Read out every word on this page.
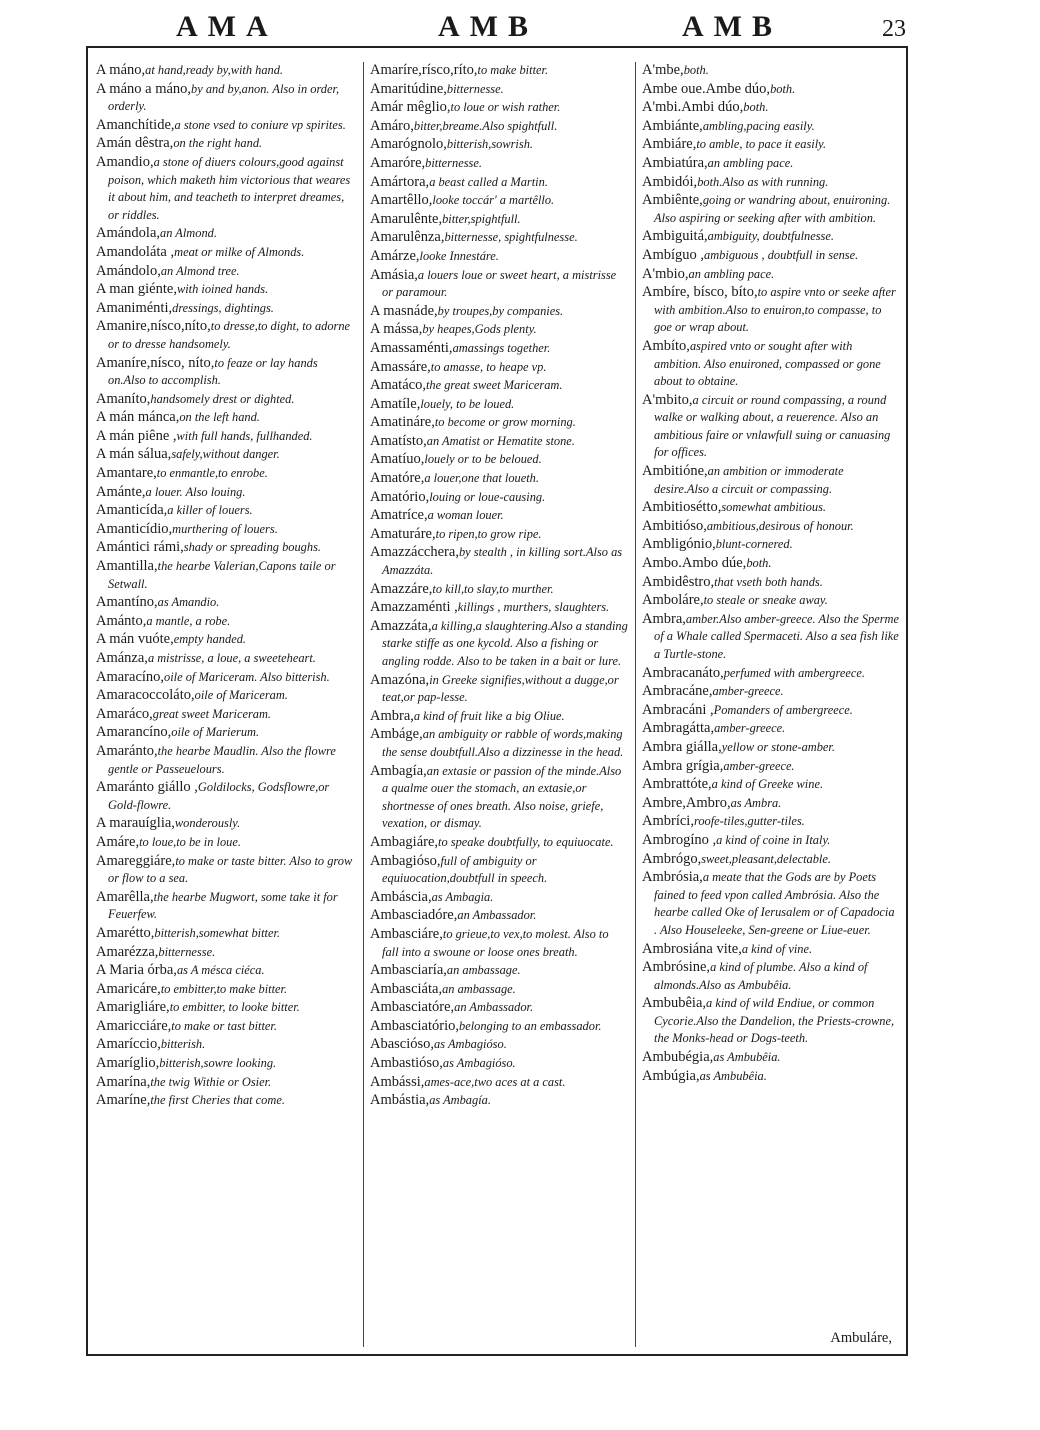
AMA	AMB	AMB	23
A máno,at hand,ready by,with hand.
A máno a máno,by and by,anon. Also in order, orderly.
Amanchítide,a stone vsed to coniure vp spirites.
Amán dêstra,on the right hand.
Amandio,a stone of diuers colours,good against poison, which maketh him victorious that weares it about him, and teacheth to interpret dreames, or riddles.
Amándola,an Almond.
Amandoláta ,meat or milke of Almonds.
Amándolo,an Almond tree.
A man giénte,with ioined hands.
Amaniménti,dressings, dightings.
Amanire,nísco,níto,to dresse,to dight, to adorne or to dresse handsomely.
Amaníre,nísco, níto,to feaze or lay hands on.Also to accomplish.
Amaníto,handsomely drest or dighted.
A mán mánca,on the left hand.
A mán piêne ,with full hands, fullhanded.
A mán sálua,safely,without danger.
Amantare,to enmantle,to enrobe.
Amánte,a louer. Also louing.
Amanticída,a killer of louers.
Amanticídio,murthering of louers.
Amántici rámi,shady or spreading boughs.
Amantilla,the hearbe Valerian,Capons taile or Setwall.
Amantíno,as Amandio.
Amánto,a mantle, a robe.
A mán vuóte,empty handed.
Amánza,a mistrisse, a loue, a sweeteheart.
Amaracíno,oile of Mariceram. Also bitterish.
Amaracoccoláto,oile of Mariceram.
Amaráco,great sweet Mariceram.
Amarancíno,oile of Marierum.
Amaránto,the hearbe Maudlin. Also the flowre gentle or Passeuelours.
Amaránto giállo ,Goldilocks, Godsflowre,or Gold-flowre.
A marauíglia,wonderously.
Amáre,to loue,to be in loue.
Amareggiáre,to make or taste bitter. Also to grow or flow to a sea.
Amarêlla,the hearbe Mugwort, some take it for Feuerfew.
Amarétto,bitterish,somewhat bitter.
Amarézza,bitternesse.
A Maria órba,as A mésca ciéca.
Amaricáre,to embitter,to make bitter.
Amarigliáre,to embitter, to looke bitter.
Amaricciáre,to make or tast bitter.
Amaríccio,bitterish.
Amaríglio,bitterish,sowre looking.
Amarína,the twig Withie or Osier.
Amaríne,the first Cheries that come.
Amaríre,rísco,ríto,to make bitter.
Amaritúdine,bitternesse.
Amár mêglio,to loue or wish rather.
Amáro,bitter,breame.Also spightfull.
Amarógnolo,bitterish,sowrish.
Amaróre,bitternesse.
Amártora,a beast called a Martin.
Amartêllo,looke toccár' a martêllo.
Amarulênte,bitter,spightfull.
Amarulênza,bitternesse, spightfulnesse.
Amárze,looke Innestáre.
Amásia,a louers loue or sweet heart, a mistrisse or paramour.
A masnáde,by troupes,by companies.
A mássa,by heapes,Gods plenty.
Amassaménti,amassings together.
Amassáre,to amasse, to heape vp.
Amatáco,the great sweet Mariceram.
Amatíle,louely, to be loued.
Amatináre,to become or grow morning.
Amatísto,an Amatist or Hematite stone.
Amatíuo,louely or to be beloued.
Amatóre,a louer,one that loueth.
Amatório,louing or loue-causing.
Amatríce,a woman louer.
Amaturáre,to ripen,to grow ripe.
Amazzácchera,by stealth , in killing sort.Also as Amazzáta.
Amazzáre,to kill,to slay,to murther.
Amazzaménti ,killings , murthers, slaughters.
Amazzáta,a killing,a slaughtering.Also a standing starke stiffe as one kycold. Also a fishing or angling rodde. Also to be taken in a bait or lure.
Amazóna,in Greeke signifies,without a dugge,or teat,or pap-lesse.
Ambra,a kind of fruit like a big Oliue.
Ambáge,an ambiguity or rabble of words,making the sense doubtfull.Also a dizzinesse in the head.
Ambagía,an extasie or passion of the minde.Also a qualme ouer the stomach, an extasie,or shortnesse of ones breath. Also noise, griefe, vexation, or dismay.
Ambagiáre,to speake doubtfully, to equiuocate.
Ambagióso,full of ambiguity or equiuocation,doubtfull in speech.
Ambáscia,as Ambagia.
Ambasciadóre,an Ambassador.
Ambasciáre,to grieue,to vex,to molest. Also to fall into a swoune or loose ones breath.
Ambasciaría,an ambassage.
Ambasciáta,an ambassage.
Ambasciatóre,an Ambassador.
Ambasciatório,belonging to an embassador.
Abascióso,as Ambagióso.
Ambastióso,as Ambagióso.
Ambássi,ames-ace,two aces at a cast.
Ambástia,as Ambagía.
A'mbe,both.
Ambe oue.Ambe dúo,both.
A'mbi.Ambi dúo,both.
Ambiánte,ambling,pacing easily.
Ambiáre,to amble, to pace it easily.
Ambiatúra,an ambling pace.
Ambidói,both.Also as with running.
Ambiênte,going or wandring about, enuironing. Also aspiring or seeking after with ambition.
Ambiguitá,ambiguity, doubtfulnesse.
Ambíguo ,ambiguous , doubtfull in sense.
A'mbio,an ambling pace.
Ambíre, bísco, bíto,to aspire vnto or seeke after with ambition.Also to enuiron,to compasse, to goe or wrap about.
Ambíto,aspired vnto or sought after with ambition. Also enuironed, compassed or gone about to obtaine.
A'mbito,a circuit or round compassing, a round walke or walking about, a reuerence. Also an ambitious faire or vnlawfull suing or canuasing for offices.
Ambitióne,an ambition or immoderate desire.Also a circuit or compassing.
Ambitiosétto,somewhat ambitious.
Ambitióso,ambitious,desirous of honour.
Ambligónio,blunt-cornered.
Ambo.Ambo dúe,both.
Ambidêstro,that vseth both hands.
Amboláre,to steale or sneake away.
Ambra,amber.Also amber-greece. Also the Sperme of a Whale called Spermaceti. Also a sea fish like a Turtle-stone.
Ambracanáto,perfumed with ambergreece.
Ambracáne,amber-greece.
Ambracáni ,Pomanders of ambergreece.
Ambragátta,amber-greece.
Ambra giálla,yellow or stone-amber.
Ambra grígia,amber-greece.
Ambrattóte,a kind of Greeke wine.
Ambre,Ambro,as Ambra.
Ambríci,roofe-tiles,gutter-tiles.
Ambrogíno ,a kind of coine in Italy.
Ambrógo,sweet,pleasant,delectable.
Ambrósia,a meate that the Gods are by Poets fained to feed vpon called Ambrósia. Also the hearbe called Oke of Ierusalem or of Capadocia . Also Houseleeke, Sen-greene or Liue-euer.
Ambrosiána vite,a kind of vine.
Ambrósine,a kind of plumbe. Also a kind of almonds.Also as Ambubêia.
Ambubêia,a kind of wild Endiue, or common Cycorie.Also the Dandelion, the Priests-crowne, the Monks-head or Dogs-teeth.
Ambubégia,as Ambubêia.
Ambúgia,as Ambubêia.
Ambuláre,
